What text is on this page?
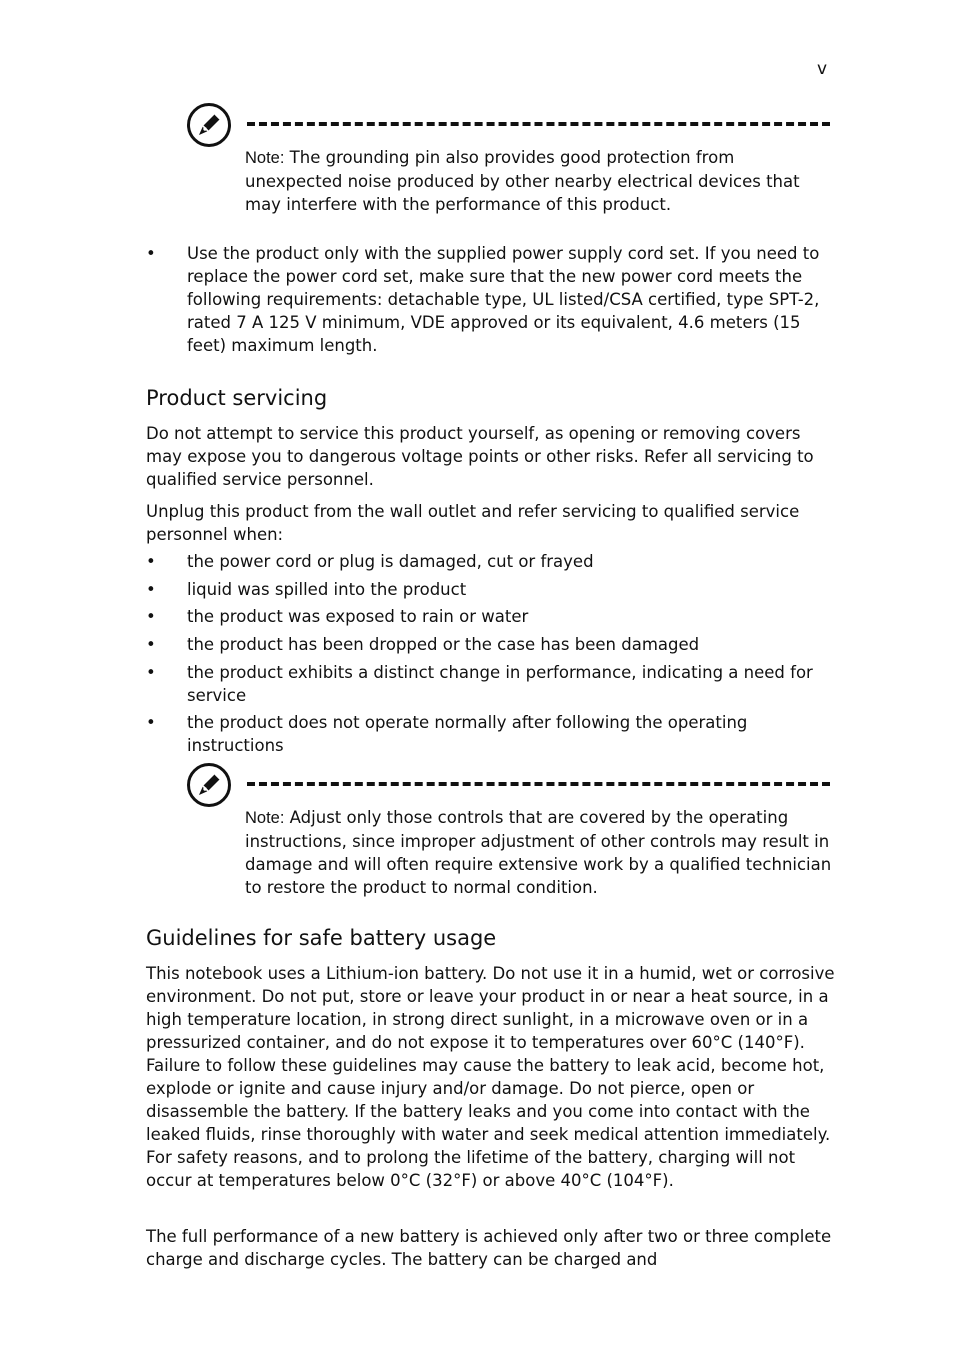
v
Note: The grounding pin also provides good protection from unexpected noise produced by other nearby electrical devices that may interfere with the performance of this product.
•	Use the product only with the supplied power supply cord set. If you need to replace the power cord set, make sure that the new power cord meets the following requirements: detachable type, UL listed/CSA certified, type SPT-2, rated 7 A 125 V minimum, VDE approved or its equivalent, 4.6 meters (15 feet) maximum length.
Product servicing

Do not attempt to service this product yourself, as opening or removing covers may expose you to dangerous voltage points or other risks. Refer all servicing to qualified service personnel.

Unplug this product from the wall outlet and refer servicing to qualified service personnel when:

•	the power cord or plug is damaged, cut or frayed
•	liquid was spilled into the product
•	the product was exposed to rain or water
•	the product has been dropped or the case has been damaged
•	the product exhibits a distinct change in performance, indicating a need for service
•	the product does not operate normally after following the operating instructions
Note: Adjust only those controls that are covered by the operating instructions, since improper adjustment of other controls may result in damage and will often require extensive work by a qualified technician to restore the product to normal condition.
Guidelines for safe battery usage

This notebook uses a Lithium-ion battery. Do not use it in a humid, wet or corrosive environment. Do not put, store or leave your product in or near a heat source, in a high temperature location, in strong direct sunlight, in a microwave oven or in a pressurized container, and do not expose it to temperatures over 60°C (140°F). Failure to follow these guidelines may cause the battery to leak acid, become hot, explode or ignite and cause injury and/or damage. Do not pierce, open or disassemble the battery. If the battery leaks and you come into contact with the leaked fluids, rinse thoroughly with water and seek medical attention immediately. For safety reasons, and to prolong the lifetime of the battery, charging will not occur at temperatures below 0°C (32°F) or above 40°C (104°F).

The full performance of a new battery is achieved only after two or three complete charge and discharge cycles. The battery can be charged and
